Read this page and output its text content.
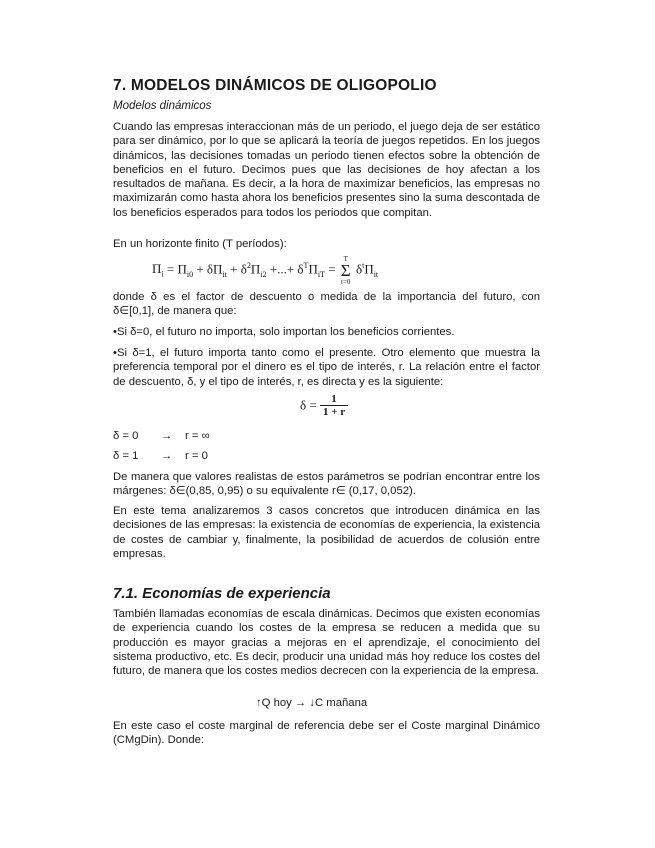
7. MODELOS DINÁMICOS DE OLIGOPOLIO
Modelos dinámicos

Cuando las empresas interaccionan más de un periodo, el juego deja de ser estático para ser dinámico, por lo que se aplicará la teoría de juegos repetidos. En los juegos dinámicos, las decisiones tomadas un periodo tienen efectos sobre la obtención de beneficios en el futuro. Decimos pues que las decisiones de hoy afectan a los resultados de mañana. Es decir, a la hora de maximizar beneficios, las empresas no maximizarán como hasta ahora los beneficios presentes sino la suma descontada de los beneficios esperados para todos los periodos que compitan.

En un horizonte finito (T períodos):

$\Pi_i = \Pi_{i0} + \delta\Pi_{it} + \delta^2\Pi_{i2}$ +...+ $\delta^T\Pi_{iT}$ =
T
Σ
t=0
$\delta^t\Pi_{it}$

donde δ es el factor de descuento o medida de la importancia del futuro, con δ∈[0,1], de manera que:

•Si δ=0, el futuro no importa, solo importan los beneficios corrientes.

•Si δ=1, el futuro importa tanto como el presente. Otro elemento que muestra la preferencia temporal por el dinero es el tipo de interés, r. La relación entre el factor de descuento, δ, y el tipo de interés, r, es directa y es la siguiente:

$\delta = \frac{1}{1 + r}$
δ = 0 → r = ∞
δ = 1 → r = 0

De manera que valores realistas de estos parámetros se podrían encontrar entre los márgenes: δ∈(0,85, 0,95) o su equivalente r∈ (0,17, 0,052).

En este tema analizaremos 3 casos concretos que introducen dinámica en las decisiones de las empresas: la existencia de economías de experiencia, la existencia de costes de cambiar y, finalmente, la posibilidad de acuerdos de colusión entre empresas.

7.1. Economías de experiencia

También llamadas economías de escala dinámicas. Decimos que existen economías de experiencia cuando los costes de la empresa se reducen a medida que su producción es mayor gracias a mejoras en el aprendizaje, el conocimiento del sistema productivo, etc. Es decir, producir una unidad más hoy reduce los costes del futuro, de manera que los costes medios decrecen con la experiencia de la empresa.

↑Q hoy → ↓C mañana

En este caso el coste marginal de referencia debe ser el Coste marginal Dinámico (CMgDin). Donde:
